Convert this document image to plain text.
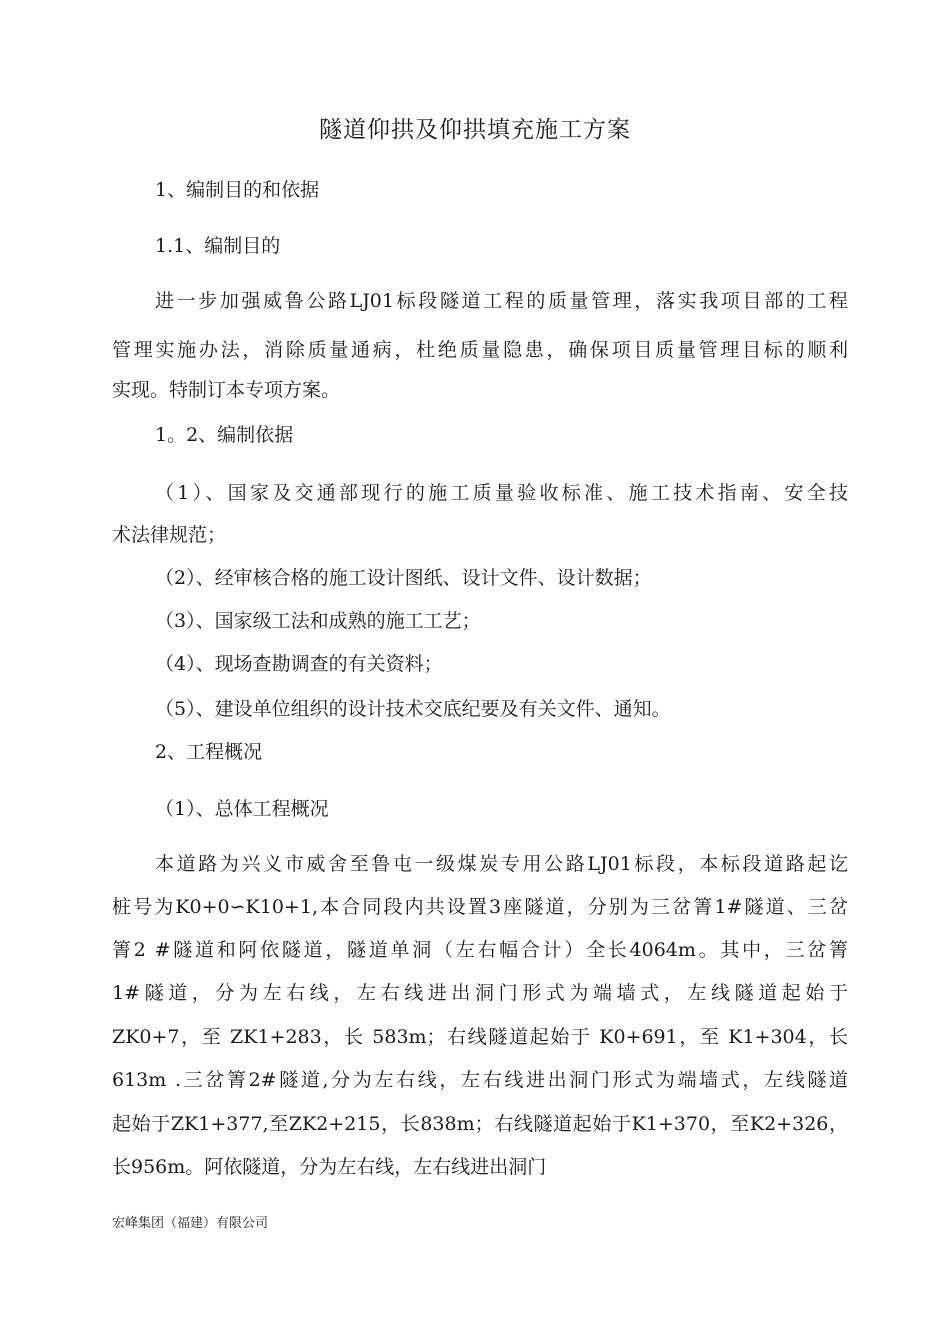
隧道仰拱及仰拱填充施工方案
1、编制目的和依据
1.1、编制目的
进一步加强威鲁公路LJ01标段隧道工程的质量管理，落实我项目部的工程
管理实施办法，消除质量通病，杜绝质量隐患，确保项目质量管理目标的顺利
实现。特制订本专项方案。
1。2、编制依据
（1）、国家及交通部现行的施工质量验收标准、施工技术指南、安全技
术法律规范；
（2）、经审核合格的施工设计图纸、设计文件、设计数据；
（3）、国家级工法和成熟的施工工艺；
（4）、现场查勘调查的有关资料；
（5）、建设单位组织的设计技术交底纪要及有关文件、通知。
2、工程概况
（1）、总体工程概况
本道路为兴义市威舍至鲁屯一级煤炭专用公路LJ01标段，本标段道路起讫
桩号为K0+0∽K10+1,本合同段内共设置3座隧道，分别为三岔箐1#隧道、三岔
箐2 #隧道和阿依隧道，隧道单洞（左右幅合计）全长4064m。其中，三岔箐
1#隧道，分为左右线，左右线进出洞门形式为端墙式，左线隧道起始于
ZK0+7，至 ZK1+283，长 583m；右线隧道起始于 K0+691，至 K1+304，长
613m .三岔箐2#隧道,分为左右线，左右线进出洞门形式为端墙式，左线隧道
起始于ZK1+377,至ZK2+215，长838m；右线隧道起始于K1+370，至K2+326，
长956m。阿依隧道，分为左右线，左右线进出洞门
宏峰集团（福建）有限公司
